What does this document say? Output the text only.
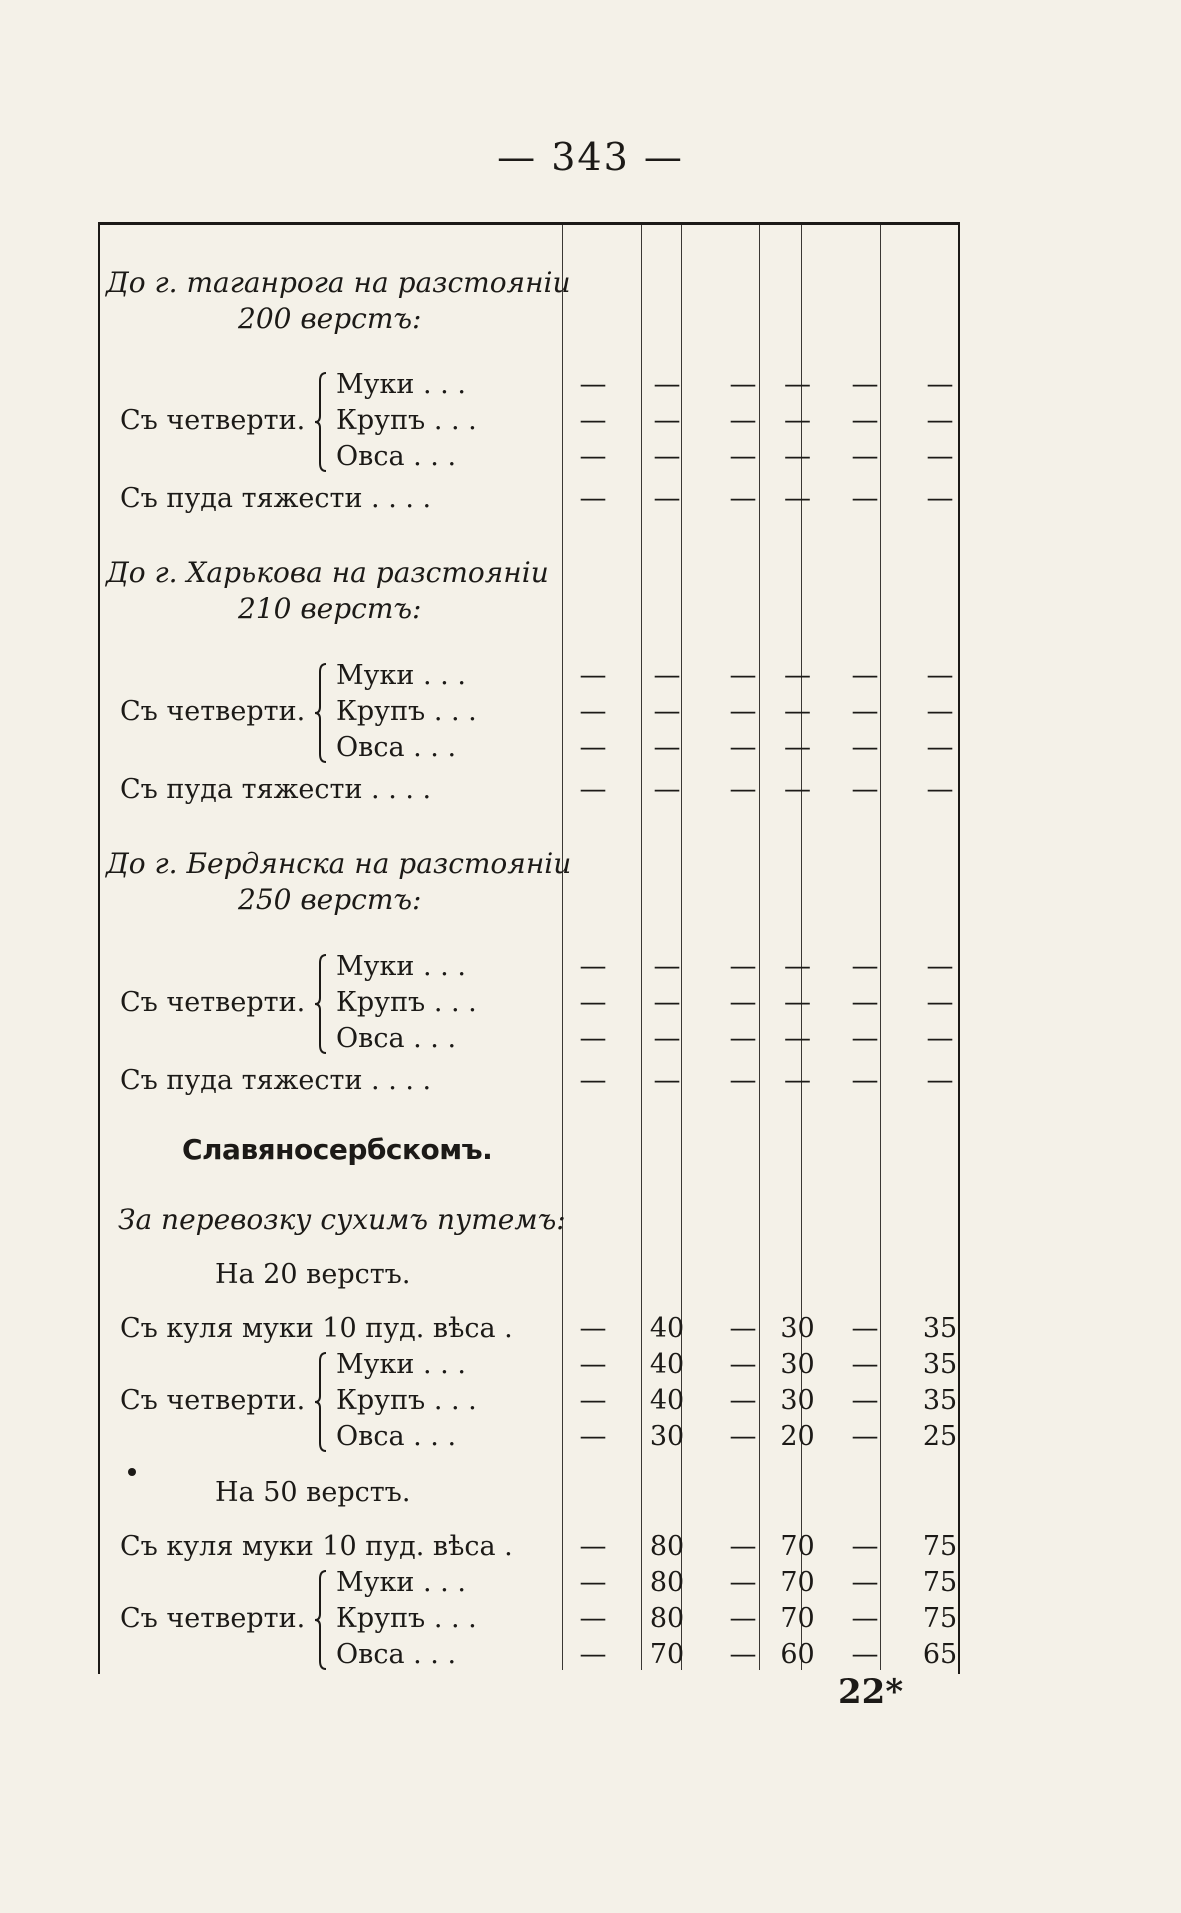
— 343 —
До г. таганрога на разстояніи
200 верстъ:
Съ четверти.
Муки . . .	—	—	—	—	—	—
Крупъ . . .	—	—	—	—	—	—
Овса . . .	—	—	—	—	—	—
Съ пуда тяжести . . . .	—	—	—	—	—	—
До г. Харькова на разстояніи
210 верстъ:
Съ четверти.
Муки . . .	—	—	—	—	—	—
Крупъ . . .	—	—	—	—	—	—
Овса . . .	—	—	—	—	—	—
Съ пуда тяжести . . . .	—	—	—	—	—	—
До г. Бердянска на разстояніи
250 верстъ:
Съ четверти.
Муки . . .	—	—	—	—	—	—
Крупъ . . .	—	—	—	—	—	—
Овса . . .	—	—	—	—	—	—
Съ пуда тяжести . . . .	—	—	—	—	—	—
Славяносербскомъ.
За перевозку сухимъ путемъ:
На 20 верстъ.
Съ куля муки 10 пуд. вѣса .	—	40	— 30	—	35
Съ четверти.
Муки . . .	—	40	— 30	—	35
Крупъ . . .	—	40	— 30	—	35
Овса . . .	—	30	— 20	—	25
На 50 верстъ.
Съ куля муки 10 пуд. вѣса .	—	80	— 70	—	75
Съ четверти.
Муки . . .	—	80	— 70	—	75
Крупъ . . .	—	80	— 70	—	75
Овса . . .	—	70	— 60	—	65
22*
